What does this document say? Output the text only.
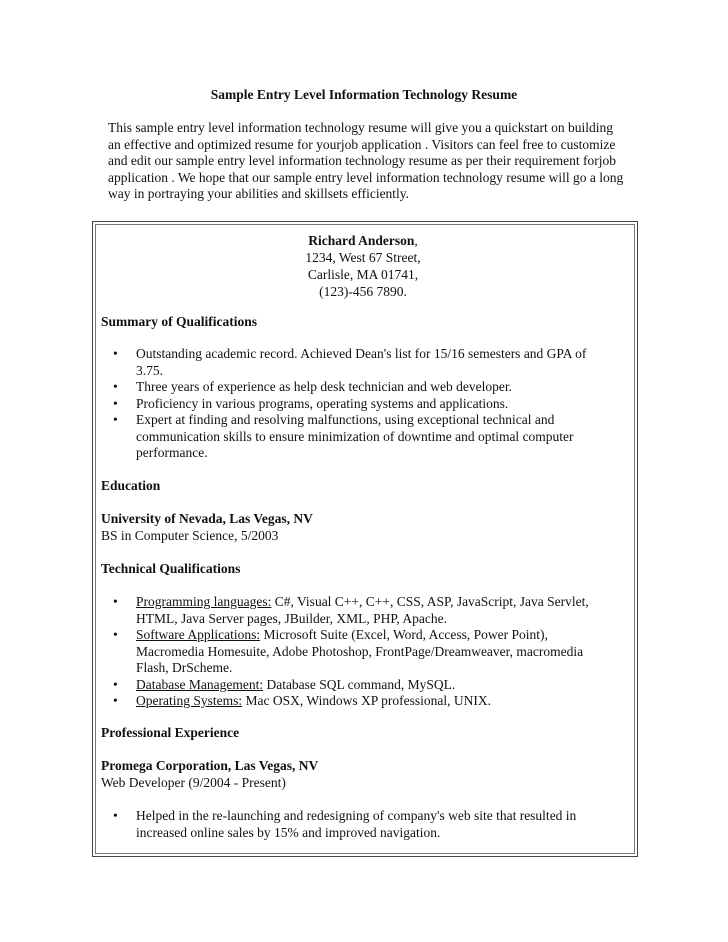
Sample Entry Level Information Technology Resume
This sample entry level information technology resume will give you a quickstart on building an effective and optimized resume for yourjob application . Visitors can feel free to customize and edit our sample entry level information technology resume as per their requirement forjob application . We hope that our sample entry level information technology resume will go a long way in portraying your abilities and skillsets efficiently.
Richard Anderson,
1234, West 67 Street,
Carlisle, MA 01741,
(123)-456 7890.
Summary of Qualifications
• Outstanding academic record. Achieved Dean's list for 15/16 semesters and GPA of 3.75.
• Three years of experience as help desk technician and web developer.
• Proficiency in various programs, operating systems and applications.
• Expert at finding and resolving malfunctions, using exceptional technical and communication skills to ensure minimization of downtime and optimal computer performance.
Education
University of Nevada, Las Vegas, NV
BS in Computer Science, 5/2003
Technical Qualifications
• Programming languages: C#, Visual C++, C++, CSS, ASP, JavaScript, Java Servlet, HTML, Java Server pages, JBuilder, XML, PHP, Apache.
• Software Applications: Microsoft Suite (Excel, Word, Access, Power Point), Macromedia Homesuite, Adobe Photoshop, FrontPage/Dreamweaver, macromedia Flash, DrScheme.
• Database Management: Database SQL command, MySQL.
• Operating Systems: Mac OSX, Windows XP professional, UNIX.
Professional Experience
Promega Corporation, Las Vegas, NV
Web Developer (9/2004 - Present)
• Helped in the re-launching and redesigning of company's web site that resulted in increased online sales by 15% and improved navigation.
